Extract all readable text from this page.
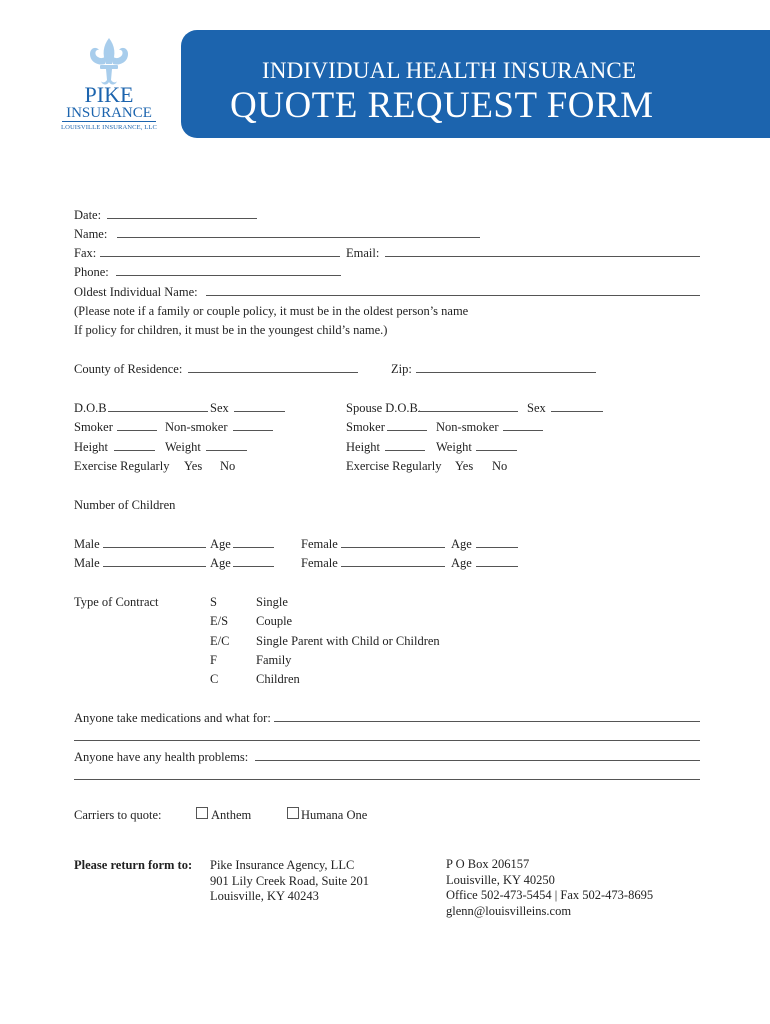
PIKE
INSURANCE
LOUISVILLE INSURANCE, LLC
INDIVIDUAL HEALTH INSURANCE
QUOTE REQUEST FORM
Date:
Name:
Fax:	Email:
Phone:
Oldest Individual Name:
(Please note if a family or couple policy, it must be in the oldest person’s name
If policy for children, it must be in the youngest child’s name.)
County of Residence:	Zip:
D.O.B	Sex
Smoker	Non-smoker
Height	Weight
Exercise Regularly Yes No
Spouse D.O.B.	Sex
Smoker	Non-smoker
Height	Weight
Exercise Regularly Yes No
Number of Children
Male	Age	Female	Age
Male	Age	Female	Age
Type of Contract	S	Single
E/S Couple
E/C Single Parent with Child or Children
F	Family
C	Children
Anyone take medications and what for:
Anyone have any health problems:
Carriers to quote:	Anthem	Humana One
Please return form to: Pike Insurance Agency, LLC
901 Lily Creek Road, Suite 201
Louisville, KY 40243
P O Box 206157
Louisville, KY 40250
Office 502-473-5454 | Fax 502-473-8695
glenn@louisvilleins.com
